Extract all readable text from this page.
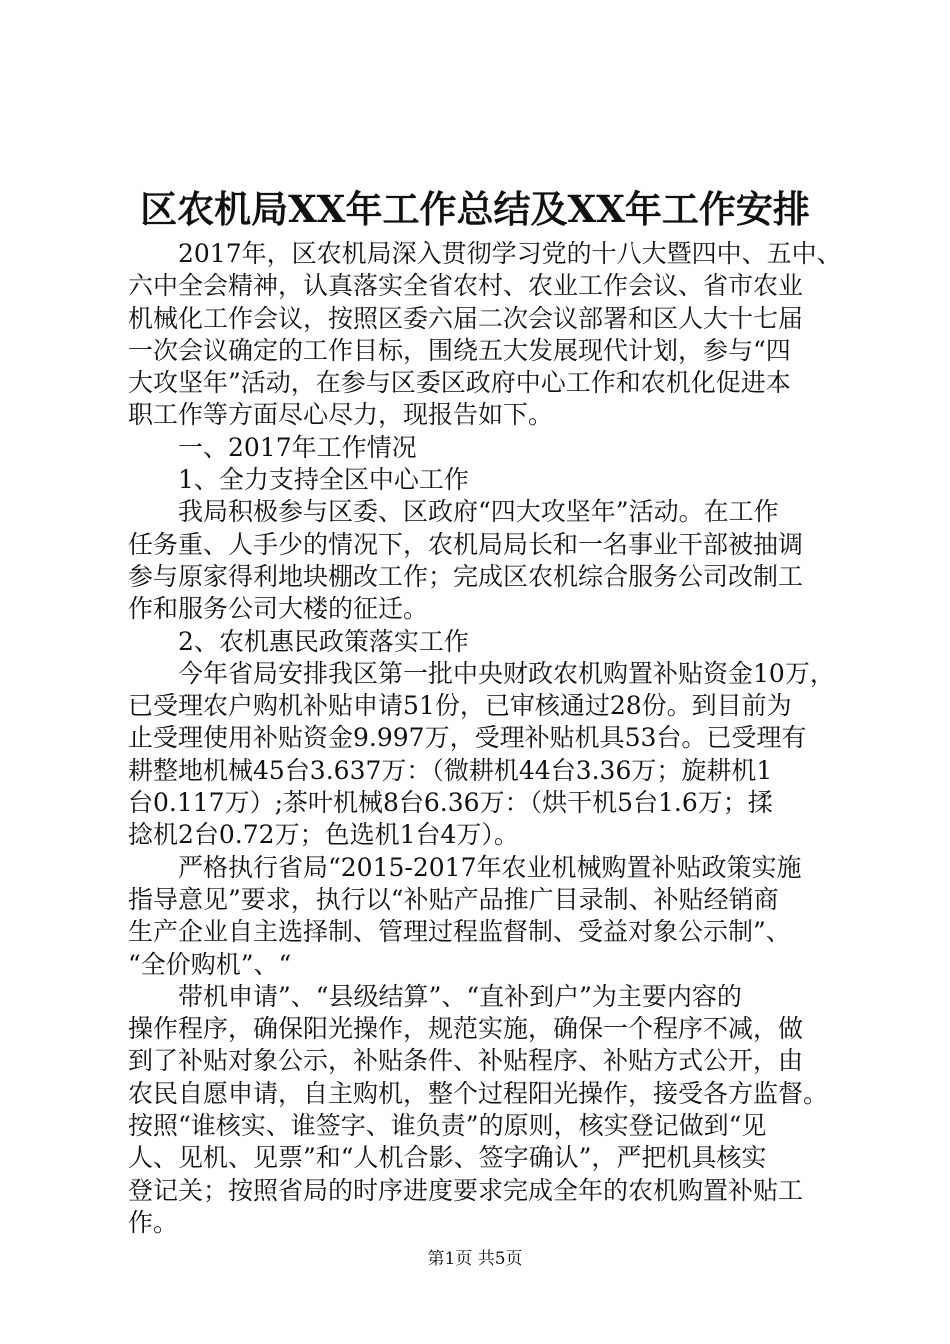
区农机局XX年工作总结及XX年工作安排
　　2017年，区农机局深入贯彻学习党的十八大暨四中、五中、
六中全会精神，认真落实全省农村、农业工作会议、省市农业
机械化工作会议，按照区委六届二次会议部署和区人大十七届
一次会议确定的工作目标，围绕五大发展现代计划，参与“四
大攻坚年”活动，在参与区委区政府中心工作和农机化促进本
职工作等方面尽心尽力，现报告如下。
　　一、2017年工作情况
　　1、全力支持全区中心工作
　　我局积极参与区委、区政府“四大攻坚年”活动。在工作
任务重、人手少的情况下，农机局局长和一名事业干部被抽调
参与原家得利地块棚改工作；完成区农机综合服务公司改制工
作和服务公司大楼的征迁。
　　2、农机惠民政策落实工作
　　今年省局安排我区第一批中央财政农机购置补贴资金10万，
已受理农户购机补贴申请51份，已审核通过28份。到目前为
止受理使用补贴资金9.997万，受理补贴机具53台。已受理有
耕整地机械45台3.637万：（微耕机44台3.36万；旋耕机1
台0.117万）;茶叶机械8台6.36万：（烘干机5台1.6万；揉
捻机2台0.72万；色选机1台4万）。
　　严格执行省局“2015-2017年农业机械购置补贴政策实施
指导意见”要求，执行以“补贴产品推广目录制、补贴经销商
生产企业自主选择制、管理过程监督制、受益对象公示制”、
“全价购机”、“
　　带机申请”、“县级结算”、“直补到户”为主要内容的
操作程序，确保阳光操作，规范实施，确保一个程序不减，做
到了补贴对象公示，补贴条件、补贴程序、补贴方式公开，由
农民自愿申请，自主购机，整个过程阳光操作，接受各方监督。
按照“谁核实、谁签字、谁负责”的原则，核实登记做到“见
人、见机、见票”和“人机合影、签字确认”，严把机具核实
登记关；按照省局的时序进度要求完成全年的农机购置补贴工
作。
第1页 共5页
